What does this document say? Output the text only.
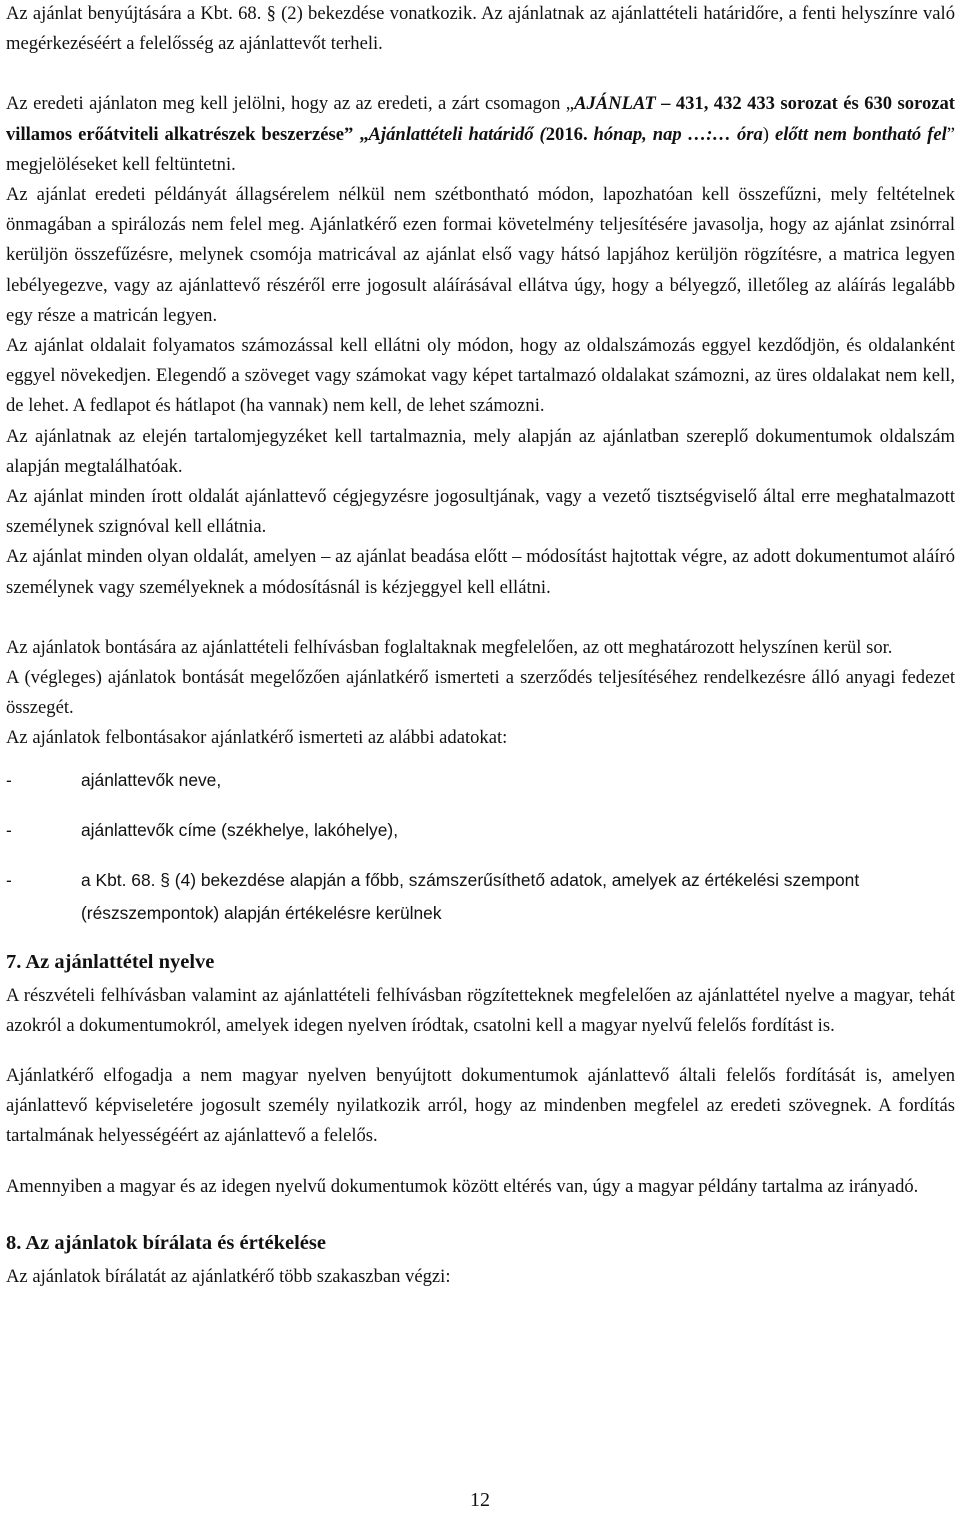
Az ajánlat benyújtására a Kbt. 68. § (2) bekezdése vonatkozik. Az ajánlatnak az ajánlattételi határidőre, a fenti helyszínre való megérkezéséért a felelősség az ajánlattevőt terheli.

Az eredeti ajánlaton meg kell jelölni, hogy az az eredeti, a zárt csomagon „AJÁNLAT – 431, 432 433 sorozat és 630 sorozat villamos erőátviteli alkatrészek beszerzése” „Ajánlattételi határidő (2016. hónap, nap …:… óra) előtt nem bontható fel” megjelöléseket kell feltüntetni.

Az ajánlat eredeti példányát állagsérelem nélkül nem szétbontható módon, lapozhatóan kell összefűzni, mely feltételnek önmagában a spirálozás nem felel meg. Ajánlatkérő ezen formai követelmény teljesítésére javasolja, hogy az ajánlat zsinórral kerüljön összefűzésre, melynek csomója matricával az ajánlat első vagy hátsó lapjához kerüljön rögzítésre, a matrica legyen lebélyegezve, vagy az ajánlattevő részéről erre jogosult aláírásával ellátva úgy, hogy a bélyegző, illetőleg az aláírás legalább egy része a matricán legyen.

Az ajánlat oldalait folyamatos számozással kell ellátni oly módon, hogy az oldalszámozás eggyel kezdődjön, és oldalanként eggyel növekedjen. Elegendő a szöveget vagy számokat vagy képet tartalmazó oldalakat számozni, az üres oldalakat nem kell, de lehet. A fedlapot és hátlapot (ha vannak) nem kell, de lehet számozni.

Az ajánlatnak az elején tartalomjegyzéket kell tartalmaznia, mely alapján az ajánlatban szereplő dokumentumok oldalszám alapján megtalálhatóak.

Az ajánlat minden írott oldalát ajánlattevő cégjegyzésre jogosultjának, vagy a vezető tisztségviselő által erre meghatalmazott személynek szignóval kell ellátnia.

Az ajánlat minden olyan oldalát, amelyen – az ajánlat beadása előtt – módosítást hajtottak végre, az adott dokumentumot aláíró személynek vagy személyeknek a módosításnál is kézjeggyel kell ellátni.

Az ajánlatok bontására az ajánlattételi felhívásban foglaltaknak megfelelően, az ott meghatározott helyszínen kerül sor.

A (végleges) ajánlatok bontását megelőzően ajánlatkérő ismerteti a szerződés teljesítéséhez rendelkezésre álló anyagi fedezet összegét.

Az ajánlatok felbontásakor ajánlatkérő ismerteti az alábbi adatokat:

-	ajánlattevők neve,
-	ajánlattevők címe (székhelye, lakóhelye),
-	a Kbt. 68. § (4) bekezdése alapján a főbb, számszerűsíthető adatok, amelyek az értékelési szempont (részszempontok) alapján értékelésre kerülnek
7. Az ajánlattétel nyelve

A részvételi felhívásban valamint az ajánlattételi felhívásban rögzítetteknek megfelelően az ajánlattétel nyelve a magyar, tehát azokról a dokumentumokról, amelyek idegen nyelven íródtak, csatolni kell a magyar nyelvű felelős fordítást is.

Ajánlatkérő elfogadja a nem magyar nyelven benyújtott dokumentumok ajánlattevő általi felelős fordítását is, amelyen ajánlattevő képviseletére jogosult személy nyilatkozik arról, hogy az mindenben megfelel az eredeti szövegnek. A fordítás tartalmának helyességéért az ajánlattevő a felelős.

Amennyiben a magyar és az idegen nyelvű dokumentumok között eltérés van, úgy a magyar példány tartalma az irányadó.

8. Az ajánlatok bírálata és értékelése

Az ajánlatok bírálatát az ajánlatkérő több szakaszban végzi:

12
